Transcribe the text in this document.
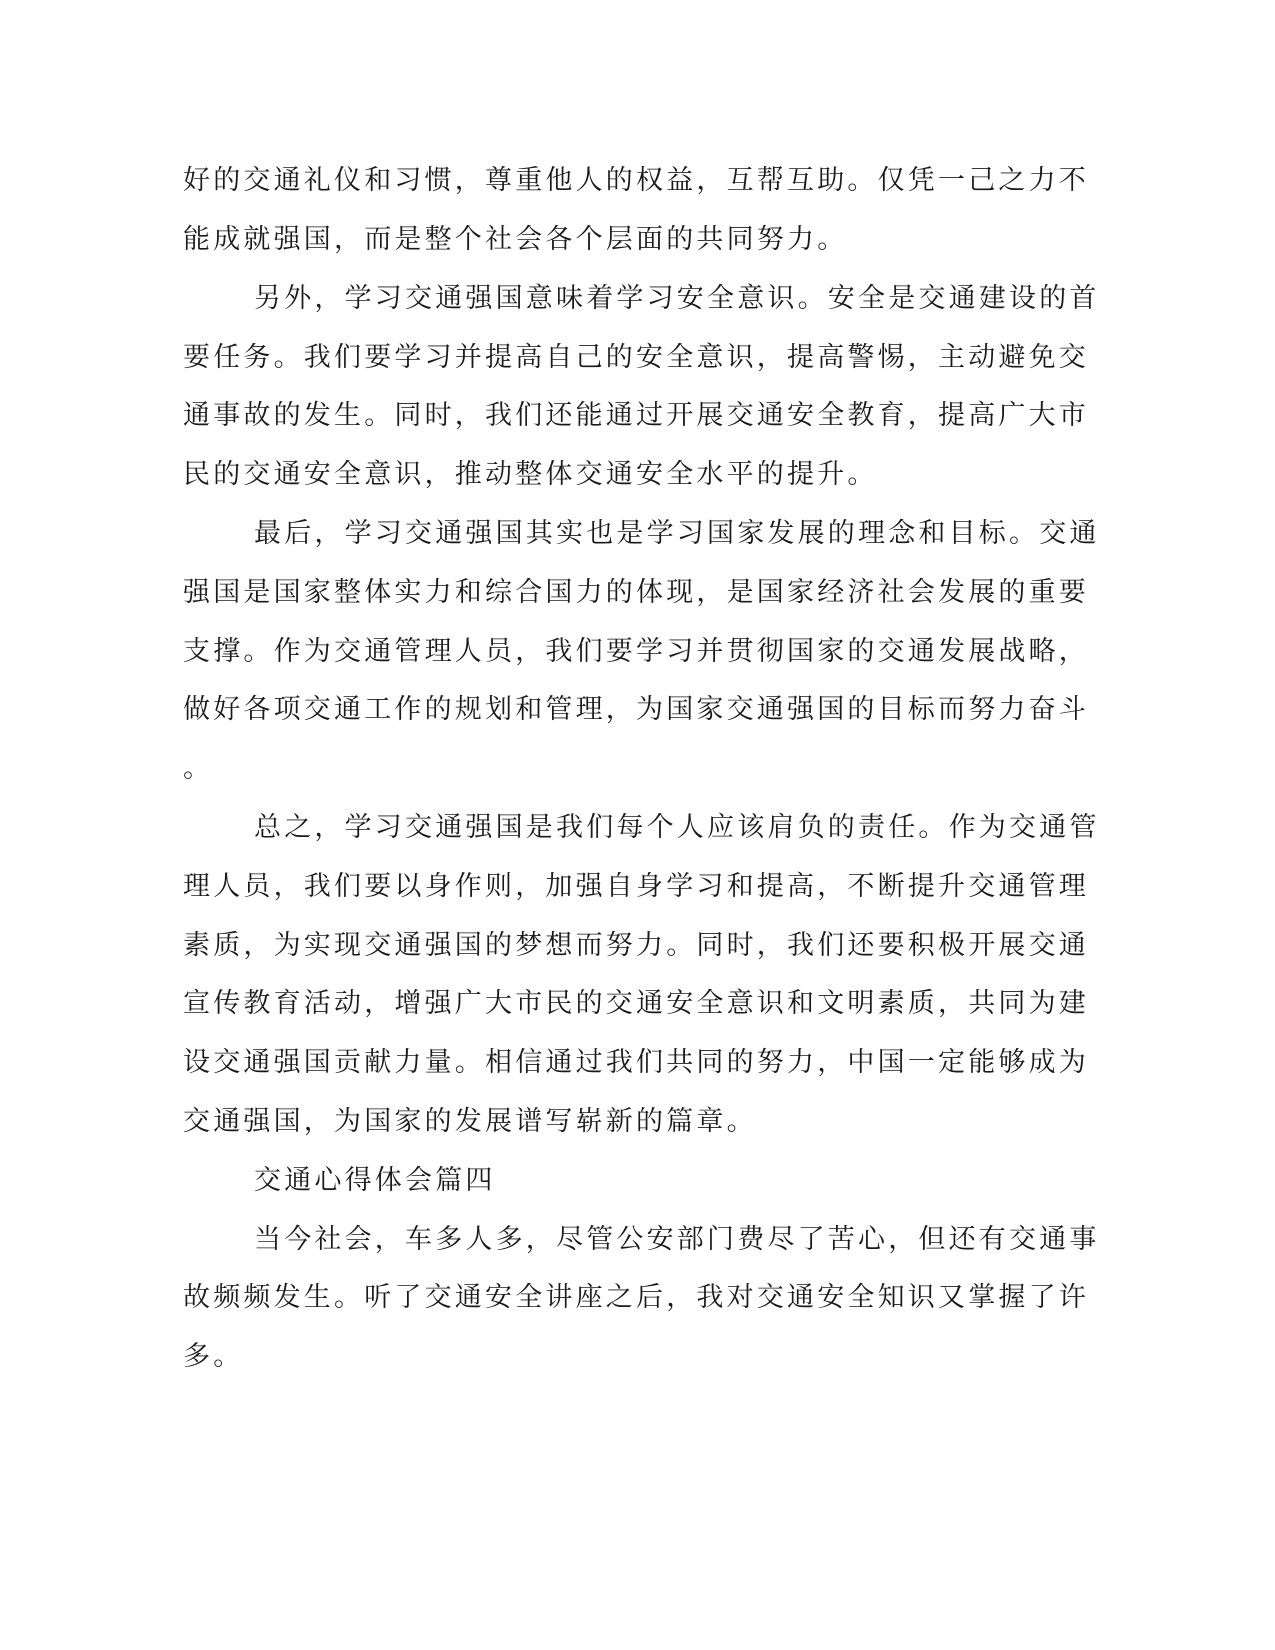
好的交通礼仪和习惯，尊重他人的权益，互帮互助。仅凭一己之力不
能成就强国，而是整个社会各个层面的共同努力。
另外，学习交通强国意味着学习安全意识。安全是交通建设的首
要任务。我们要学习并提高自己的安全意识，提高警惕，主动避免交
通事故的发生。同时，我们还能通过开展交通安全教育，提高广大市
民的交通安全意识，推动整体交通安全水平的提升。
最后，学习交通强国其实也是学习国家发展的理念和目标。交通
强国是国家整体实力和综合国力的体现，是国家经济社会发展的重要
支撑。作为交通管理人员，我们要学习并贯彻国家的交通发展战略，
做好各项交通工作的规划和管理，为国家交通强国的目标而努力奋斗
。
总之，学习交通强国是我们每个人应该肩负的责任。作为交通管
理人员，我们要以身作则，加强自身学习和提高，不断提升交通管理
素质，为实现交通强国的梦想而努力。同时，我们还要积极开展交通
宣传教育活动，增强广大市民的交通安全意识和文明素质，共同为建
设交通强国贡献力量。相信通过我们共同的努力，中国一定能够成为
交通强国，为国家的发展谱写崭新的篇章。
交通心得体会篇四
当今社会，车多人多，尽管公安部门费尽了苦心，但还有交通事
故频频发生。听了交通安全讲座之后，我对交通安全知识又掌握了许
多。
